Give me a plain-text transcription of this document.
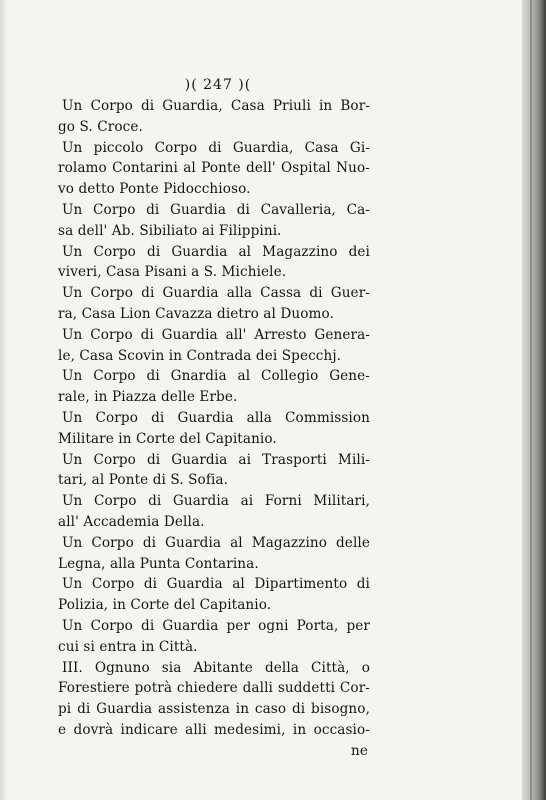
)( 247 )(
Un Corpo di Guardia, Casa Priuli in Bor-
go S. Croce.
Un piccolo Corpo di Guardia, Casa Gi-
rolamo Contarini al Ponte dell' Ospital Nuo-
vo detto Ponte Pidocchioso.
Un Corpo di Guardia di Cavalleria, Ca-
sa dell' Ab. Sibiliato ai Filippini.
Un Corpo di Guardia al Magazzino dei
viveri, Casa Pisani a S. Michiele.
Un Corpo di Guardia alla Cassa di Guer-
ra, Casa Lion Cavazza dietro al Duomo.
Un Corpo di Guardia all' Arresto Genera-
le, Casa Scovin in Contrada dei Specchj.
Un Corpo di Gnardia al Collegio Gene-
rale, in Piazza delle Erbe.
Un Corpo di Guardia alla Commission
Militare in Corte del Capitanio.
Un Corpo di Guardia ai Trasporti Mili-
tari, al Ponte di S. Sofia.
Un Corpo di Guardia ai Forni Militari,
all' Accademia Della.
Un Corpo di Guardia al Magazzino delle
Legna, alla Punta Contarina.
Un Corpo di Guardia al Dipartimento di
Polizia, in Corte del Capitanio.
Un Corpo di Guardia per ogni Porta, per
cui si entra in Città.
III. Ognuno sia Abitante della Città, o
Forestiere potrà chiedere dalli suddetti Cor-
pi di Guardia assistenza in caso di bisogno,
e dovrà indicare alli medesimi, in occasio-
ne
